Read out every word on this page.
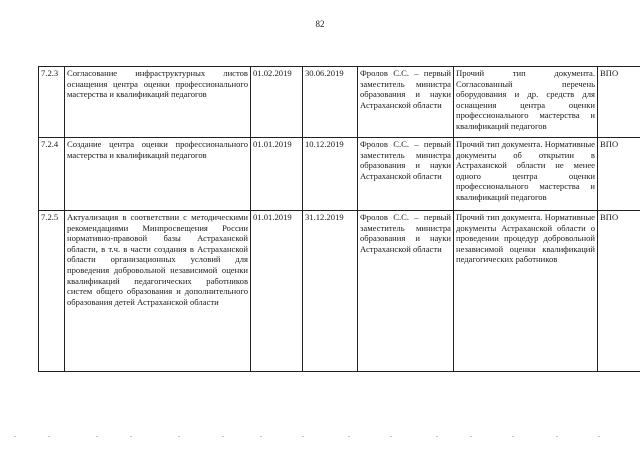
82
7.2.3	Согласование инфраструктурных листов оснащения центра оценки профессионального мастерства и квалификаций педагогов	01.02.2019	30.06.2019	Фролов С.С. – первый заместитель министра образования и науки Астраханской области	Прочий тип документа. Согласованный перечень оборудования и др. средств для оснащения центра оценки профессионального мастерства и квалификаций педагогов	ВПО
7.2.4	Создание центра оценки профессионального мастерства и квалификаций педагогов	01.01.2019	10.12.2019	Фролов С.С. – первый заместитель министра образования и науки Астраханской области	Прочий тип документа. Нормативные документы об открытии в Астраханской области не менее одного центра оценки профессионального мастерства и квалификаций педагогов	ВПО
7.2.5	Актуализация в соответствии с методическими рекомендациями Минпросвещения России нормативно-правовой базы Астраханской области, в т.ч. в части создания в Астраханской области организационных условий для проведения добровольной независимой оценки квалификаций педагогических работников систем общего образования и дополнительного образования детей Астраханской области	01.01.2019	31.12.2019	Фролов С.С. – первый заместитель министра образования и науки Астраханской области	Прочий тип документа. Нормативные документы Астраханской области о проведении процедур добровольной независимой оценки квалификаций педагогических работников	ВПО
